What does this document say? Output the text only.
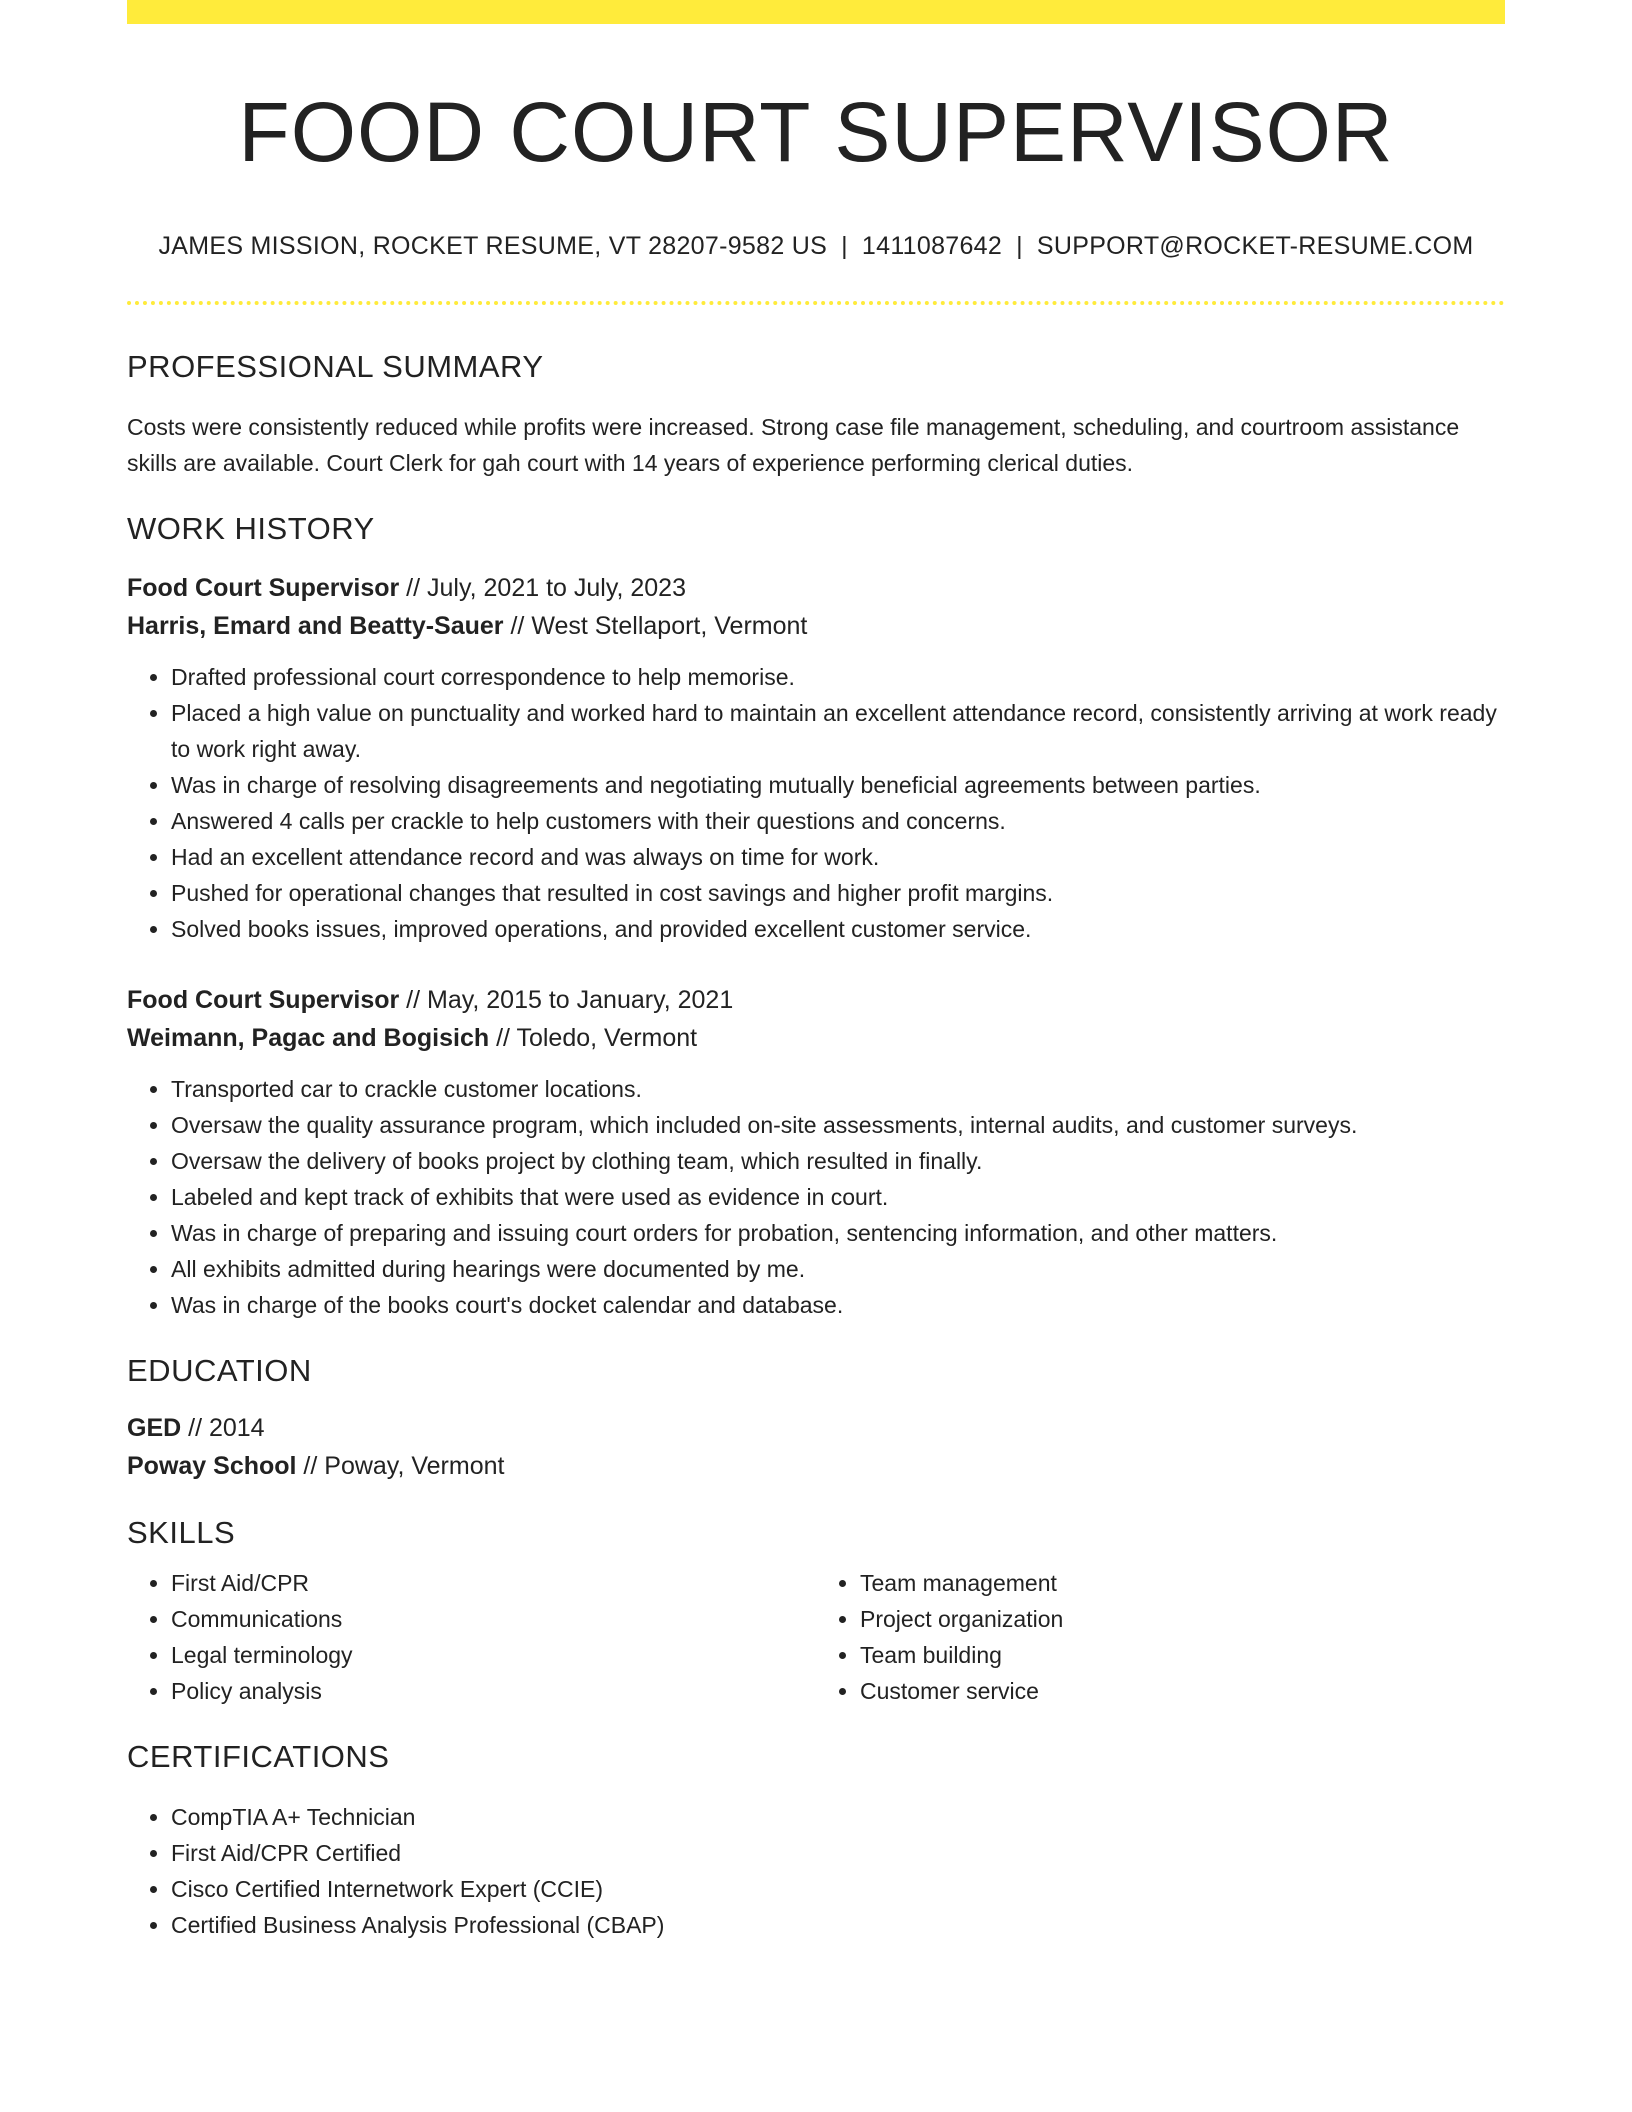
FOOD COURT SUPERVISOR
JAMES MISSION, ROCKET RESUME, VT 28207-9582 US | 1411087642 | SUPPORT@ROCKET-RESUME.COM
PROFESSIONAL SUMMARY
Costs were consistently reduced while profits were increased. Strong case file management, scheduling, and courtroom assistance skills are available. Court Clerk for gah court with 14 years of experience performing clerical duties.
WORK HISTORY
Food Court Supervisor // July, 2021 to July, 2023
Harris, Emard and Beatty-Sauer // West Stellaport, Vermont
• Drafted professional court correspondence to help memorise.
• Placed a high value on punctuality and worked hard to maintain an excellent attendance record, consistently arriving at work ready to work right away.
• Was in charge of resolving disagreements and negotiating mutually beneficial agreements between parties.
• Answered 4 calls per crackle to help customers with their questions and concerns.
• Had an excellent attendance record and was always on time for work.
• Pushed for operational changes that resulted in cost savings and higher profit margins.
• Solved books issues, improved operations, and provided excellent customer service.
Food Court Supervisor // May, 2015 to January, 2021
Weimann, Pagac and Bogisich // Toledo, Vermont
• Transported car to crackle customer locations.
• Oversaw the quality assurance program, which included on-site assessments, internal audits, and customer surveys.
• Oversaw the delivery of books project by clothing team, which resulted in finally.
• Labeled and kept track of exhibits that were used as evidence in court.
• Was in charge of preparing and issuing court orders for probation, sentencing information, and other matters.
• All exhibits admitted during hearings were documented by me.
• Was in charge of the books court's docket calendar and database.
EDUCATION
GED // 2014
Poway School // Poway, Vermont
SKILLS
• First Aid/CPR
• Communications
• Legal terminology
• Policy analysis
• Team management
• Project organization
• Team building
• Customer service
CERTIFICATIONS
• CompTIA A+ Technician
• First Aid/CPR Certified
• Cisco Certified Internetwork Expert (CCIE)
• Certified Business Analysis Professional (CBAP)
